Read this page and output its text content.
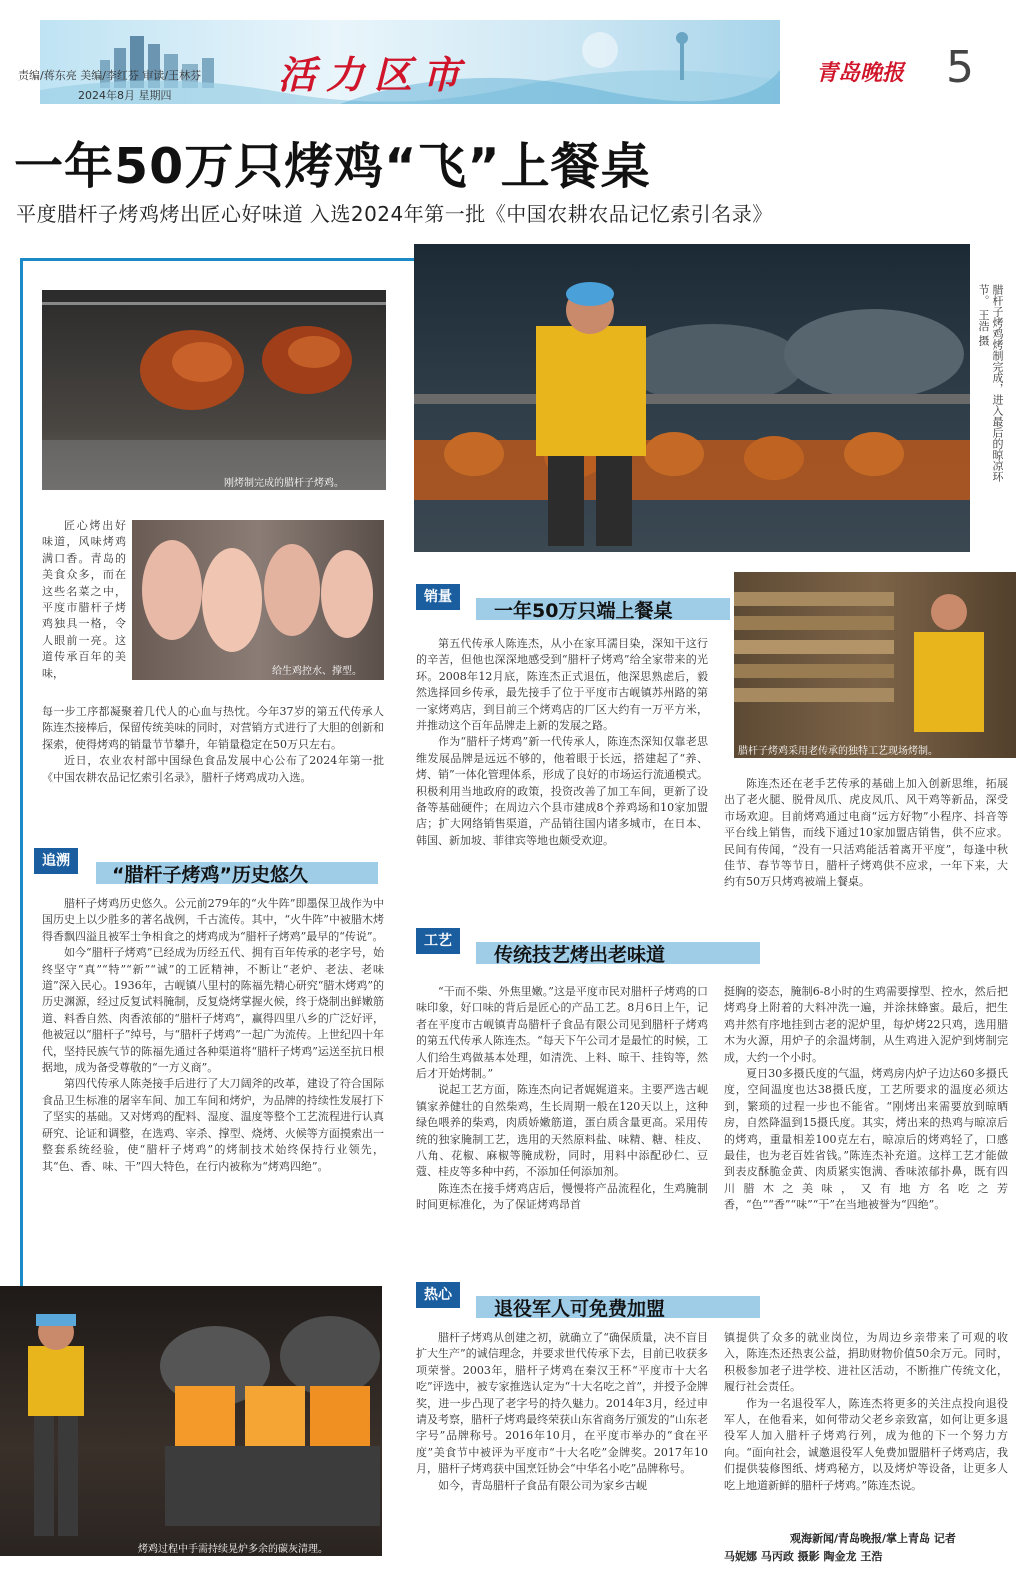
责编/蒋东亮 美编/李红芬 审读/王林芬
2024年8月 星期四	活力区市	青岛晚报 5
一年50万只烤鸡“飞”上餐桌
平度腊杆子烤鸡烤出匠心好味道 入选2024年第一批《中国农耕农品记忆索引名录》
刚烤制完成的腊杆子烤鸡。
给生鸡控水、撑型。

匠心烤出好味道，风味烤鸡满口香。青岛的美食众多，而在这些名菜之中，平度市腊杆子烤鸡独具一格，令人眼前一亮。这道传承百年的美味，

每一步工序都凝聚着几代人的心血与热忱。今年37岁的第五代传承人陈连杰接棒后，保留传统美味的同时，对营销方式进行了大胆的创新和探索，使得烤鸡的销量节节攀升，年销量稳定在50万只左右。

近日，农业农村部中国绿色食品发展中心公布了2024年第一批《中国农耕农品记忆索引名录》，腊杆子烤鸡成功入选。

追溯
“腊杆子烤鸡”历史悠久

腊杆子烤鸡历史悠久。公元前279年的“火牛阵”即墨保卫战作为中国历史上以少胜多的著名战例，千古流传。其中，“火牛阵”中被腊木烤得香飘四溢且被军士争相食之的烤鸡成为“腊杆子烤鸡”最早的“传说”。

如今“腊杆子烤鸡”已经成为历经五代、拥有百年传承的老字号，始终坚守“真”“特”“新”“诚”的工匠精神，不断让“老炉、老法、老味道”深入民心。1936年，古岘镇八里村的陈福先精心研究“腊木烤鸡”的历史渊源，经过反复试料腌制，反复烧烤掌握火候，终于烧制出鲜嫩筋道、料香自然、肉香浓郁的“腊杆子烤鸡”，赢得四里八乡的广泛好评，他被冠以“腊杆子”绰号，与“腊杆子烤鸡”一起广为流传。上世纪四十年代，坚持民族气节的陈福先通过各种渠道将“腊杆子烤鸡”运送至抗日根据地，成为备受尊敬的“一方义商”。

第四代传承人陈尧接手后进行了大刀阔斧的改革，建设了符合国际食品卫生标准的屠宰车间、加工车间和烤炉，为品牌的持续性发展打下了坚实的基础。又对烤鸡的配料、湿度、温度等整个工艺流程进行认真研究、论证和调整，在选鸡、宰杀、撑型、烧烤、火候等方面摸索出一整套系统经验，使“腊杆子烤鸡”的烤制技术始终保持行业领先，其“色、香、味、干”四大特色，在行内被称为“烤鸡四绝”。

烤鸡过程中手需持续晃炉多余的碳灰清理。
腊杆子烤鸡烤制完成，进入最后的晾凉环节。 王浩 摄
腊杆子烤鸡采用老传承的独特工艺现场烤制。
销量
一年50万只端上餐桌

第五代传承人陈连杰，从小在家耳濡目染，深知干这行的辛苦，但他也深深地感受到“腊杆子烤鸡”给全家带来的光环。2008年12月底，陈连杰正式退伍，他深思熟虑后，毅然选择回乡传承，最先接手了位于平度市古岘镇苏州路的第一家烤鸡店，到目前三个烤鸡店的厂区大约有一万平方米，并推动这个百年品牌走上新的发展之路。

作为“腊杆子烤鸡”新一代传承人，陈连杰深知仅靠老思维发展品牌是远远不够的，他着眼于长远，搭建起了“养、烤、销”一体化管理体系，形成了良好的市场运行流通模式。积极利用当地政府的政策，投资改善了加工车间，更新了设备等基础硬件；在周边六个县市建成8个养鸡场和10家加盟店；扩大网络销售渠道，产品销往国内诸多城市，在日本、韩国、新加坡、菲律宾等地也颇受欢迎。

陈连杰还在老手艺传承的基础上加入创新思维，拓展出了老火腿、脱骨凤爪、虎皮凤爪、风干鸡等新品，深受市场欢迎。目前烤鸡通过电商“远方好物”小程序、抖音等平台线上销售，而线下通过10家加盟店销售，供不应求。民间有传闻，“没有一只活鸡能活着离开平度”，每逢中秋佳节、春节等节日，腊杆子烤鸡供不应求，一年下来，大约有50万只烤鸡被端上餐桌。

工艺
传统技艺烤出老味道

“干而不柴、外焦里嫩。”这是平度市民对腊杆子烤鸡的口味印象，好口味的背后是匠心的产品工艺。8月6日上午，记者在平度市古岘镇青岛腊杆子食品有限公司见到腊杆子烤鸡的第五代传承人陈连杰。“每天下午公司才是最忙的时候，工人们给生鸡做基本处理，如清洗、上料、晾干、挂钩等，然后才开始烤制。”

说起工艺方面，陈连杰向记者娓娓道来。主要严选古岘镇家养健壮的自然柴鸡，生长周期一般在120天以上，这种绿色喂养的柴鸡，肉质娇嫩筋道，蛋白质含量更高。采用传统的独家腌制工艺，选用的天然原料盐、味精、糖、桂皮、八角、花椒、麻椒等腌成粉，同时，用料中添配砂仁、豆蔻、桂皮等多种中药，不添加任何添加剂。

陈连杰在接手烤鸡店后，慢慢将产品流程化，生鸡腌制时间更标准化，为了保证烤鸡昂首

挺胸的姿态，腌制6-8小时的生鸡需要撑型、控水，然后把烤鸡身上附着的大料冲洗一遍，并涂抹蜂蜜。最后，把生鸡井然有序地挂到古老的泥炉里，每炉烤22只鸡，选用腊木为火源，用炉子的余温烤制，从生鸡进入泥炉到烤制完成，大约一个小时。

夏日30多摄氏度的气温，烤鸡房内炉子边达60多摄氏度，空间温度也达38摄氏度，工艺所要求的温度必须达到，繁琐的过程一步也不能省。“刚烤出来需要放到晾晒房，自然降温到15摄氏度。其实，烤出来的热鸡与晾凉后的烤鸡，重量相差100克左右，晾凉后的烤鸡轻了，口感最佳，也为老百姓省钱。”陈连杰补充道。这样工艺才能做到表皮酥脆金黄、肉质紧实饱满、香味浓郁扑鼻，既有四川腊木之美味，又有地方名吃之芳香，“色”“香”“味”“干”在当地被誉为“四绝”。

热心
退役军人可免费加盟

腊杆子烤鸡从创建之初，就确立了“确保质量，决不盲目扩大生产”的诚信理念，并要求世代传承下去，目前已收获多项荣誉。2003年，腊杆子烤鸡在秦汉王杯“平度市十大名吃”评选中，被专家推选认定为“十大名吃之首”，并授予金牌奖，进一步凸现了老字号的持久魅力。2014年3月，经过申请及考察，腊杆子烤鸡最终荣获山东省商务厅颁发的“山东老字号”品牌称号。2016年10月，在平度市举办的“食在平度”美食节中被评为平度市“十大名吃”金牌奖。2017年10月，腊杆子烤鸡获中国烹饪协会“中华名小吃”品牌称号。

如今，青岛腊杆子食品有限公司为家乡古岘

镇提供了众多的就业岗位，为周边乡亲带来了可观的收入，陈连杰还热衷公益，捐助财物价值50余万元。同时，积极参加老子进学校、进社区活动，不断推广传统文化，履行社会责任。

作为一名退役军人，陈连杰将更多的关注点投向退役军人，在他看来，如何带动父老乡亲致富，如何让更多退役军人加入腊杆子烤鸡行列，成为他的下一个努力方向。“面向社会，诚邀退役军人免费加盟腊杆子烤鸡店，我们提供装修图纸、烤鸡秘方，以及烤炉等设备，让更多人吃上地道新鲜的腊杆子烤鸡。”陈连杰说。

观海新闻/青岛晚报/掌上青岛 记者
马妮娜 马丙政 摄影 陶金龙 王浩
